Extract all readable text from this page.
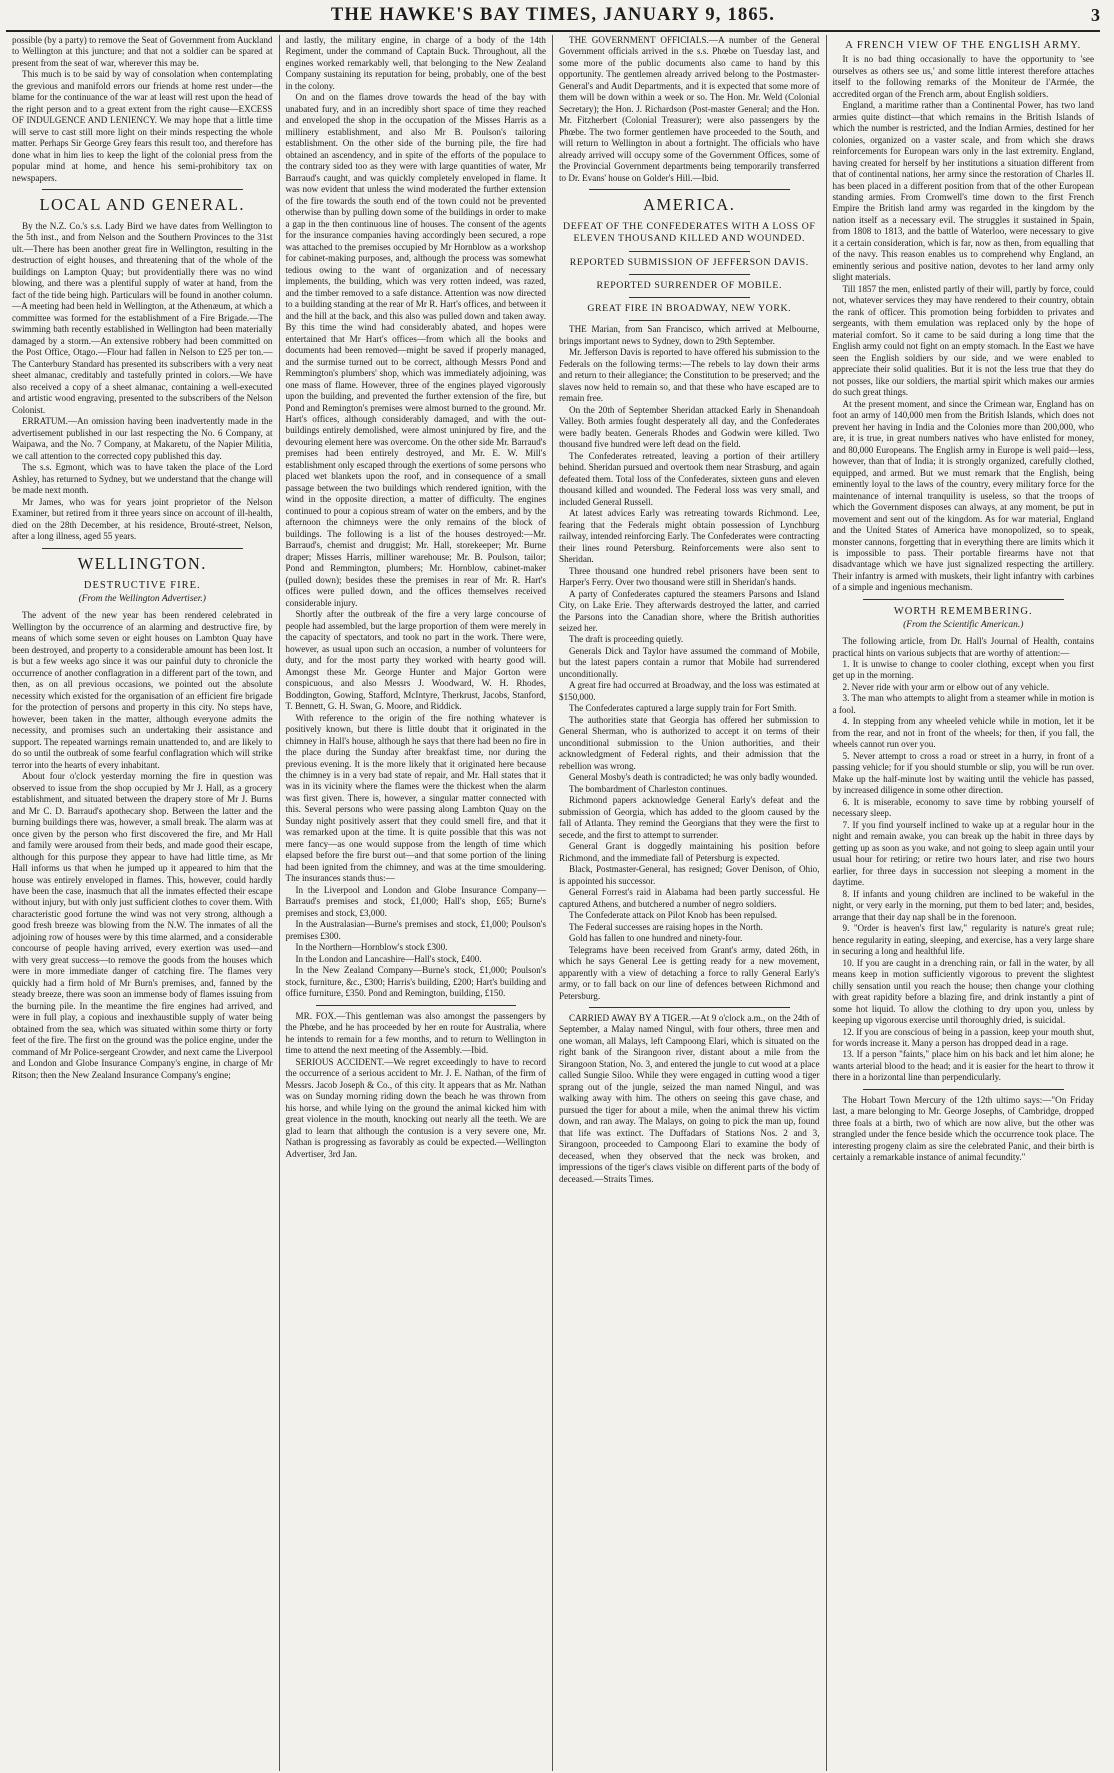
THE HAWKE'S BAY TIMES, JANUARY 9, 1865.	3

possible (by a party) to remove the Seat of Government from Auckland to Wellington at this juncture; and that not a soldier can be spared at present from the seat of war, wherever this may be.

This much is to be said by way of consolation when contemplating the grevious and manifold errors our friends at home rest under—the blame for the continuance of the war at least will rest upon the head of the right person and to a great extent from the right cause—EXCESS OF INDULGENCE AND LENIENCY. We may hope that a little time will serve to cast still more light on their minds respecting the whole matter. Perhaps Sir George Grey fears this result too, and therefore has done what in him lies to keep the light of the colonial press from the popular mind at home, and hence his semi-prohibitory tax on newspapers.

LOCAL AND GENERAL.

By the N.Z. Co.'s s.s. Lady Bird we have dates from Wellington to the 5th inst., and from Nelson and the Southern Provinces to the 31st ult.—There has been another great fire in Wellington, resulting in the destruction of eight houses, and threatening that of the whole of the buildings on Lampton Quay; but providentially there was no wind blowing, and there was a plentiful supply of water at hand, from the fact of the tide being high. Particulars will be found in another column.—A meeting had been held in Wellington, at the Athenæum, at which a committee was formed for the establishment of a Fire Brigade.—The swimming bath recently established in Wellington had been materially damaged by a storm.—An extensive robbery had been committed on the Post Office, Otago.—Flour had fallen in Nelson to £25 per ton.—The Canterbury Standard has presented its subscribers with a very neat sheet almanac, creditably and tastefully printed in colors.—We have also received a copy of a sheet almanac, containing a well-executed and artistic wood engraving, presented to the subscribers of the Nelson Colonist.

ERRATUM.—An omission having been inadvertently made in the advertisement published in our last respecting the No. 6 Company, at Waipawa, and the No. 7 Company, at Makaretu, of the Napier Militia, we call attention to the corrected copy published this day.

The s.s. Egmont, which was to have taken the place of the Lord Ashley, has returned to Sydney, but we understand that the change will be made next month.

Mr James, who was for years joint proprietor of the Nelson Examiner, but retired from it three years since on account of ill-health, died on the 28th December, at his residence, Brouté-street, Nelson, after a long illness, aged 55 years.

WELLINGTON.
DESTRUCTIVE FIRE.
(From the Wellington Advertiser.)

The advent of the new year has been rendered celebrated in Wellington by the occurrence of an alarming and destructive fire, by means of which some seven or eight houses on Lambton Quay have been destroyed, and property to a considerable amount has been lost. It is but a few weeks ago since it was our painful duty to chronicle the occurrence of another conflagration in a different part of the town, and then, as on all previous occasions, we pointed out the absolute necessity which existed for the organisation of an efficient fire brigade for the protection of persons and property in this city. No steps have, however, been taken in the matter, although everyone admits the necessity, and promises such an undertaking their assistance and support. The repeated warnings remain unattended to, and are likely to do so until the outbreak of some fearful conflagration which will strike terror into the hearts of every inhabitant.

About four o'clock yesterday morning the fire in question was observed to issue from the shop occupied by Mr J. Hall, as a grocery establishment, and situated between the drapery store of Mr J. Burns and Mr C. D. Barraud's apothecary shop. Between the latter and the burning buildings there was, however, a small break. The alarm was at once given by the person who first discovered the fire, and Mr Hall and family were aroused from their beds, and made good their escape, although for this purpose they appear to have had little time, as Mr Hall informs us that when he jumped up it appeared to him that the house was entirely enveloped in flames. This, however, could hardly have been the case, inasmuch that all the inmates effected their escape without injury, but with only just sufficient clothes to cover them. With characteristic good fortune the wind was not very strong, although a good fresh breeze was blowing from the N.W. The inmates of all the adjoining row of houses were by this time alarmed, and a considerable concourse of people having arrived, every exertion was used—and with very great success—to remove the goods from the houses which were in more immediate danger of catching fire. The flames very quickly had a firm hold of Mr Burn's premises, and, fanned by the steady breeze, there was soon an immense body of flames issuing from the burning pile. In the meantime the fire engines had arrived, and were in full play, a copious and inexhaustible supply of water being obtained from the sea, which was situated within some thirty or forty feet of the fire. The first on the ground was the police engine, under the command of Mr Police-sergeant Crowder, and next came the Liverpool and London and Globe Insurance Company's engine, in charge of Mr Ritson; then the New Zealand Insurance Company's engine;

and lastly, the military engine, in charge of a body of the 14th Regiment, under the command of Captain Buck. Throughout, all the engines worked remarkably well, that belonging to the New Zealand Company sustaining its reputation for being, probably, one of the best in the colony.

On and on the flames drove towards the head of the bay with unabated fury, and in an incredibly short space of time they reached and enveloped the shop in the occupation of the Misses Harris as a millinery establishment, and also Mr B. Poulson's tailoring establishment. On the other side of the burning pile, the fire had obtained an ascendency, and in spite of the efforts of the populace to the contrary sided too as they were with large quantities of water, Mr Barraud's caught, and was quickly completely enveloped in flame. It was now evident that unless the wind moderated the further extension of the fire towards the south end of the town could not be prevented otherwise than by pulling down some of the buildings in order to make a gap in the then continuous line of houses. The consent of the agents for the insurance companies having accordingly been secured, a rope was attached to the premises occupied by Mr Hornblow as a workshop for cabinet-making purposes, and, although the process was somewhat tedious owing to the want of organization and of necessary implements, the building, which was very rotten indeed, was razed, and the timber removed to a safe distance. Attention was now directed to a building standing at the rear of Mr R. Hart's offices, and between it and the hill at the back, and this also was pulled down and taken away. By this time the wind had considerably abated, and hopes were entertained that Mr Hart's offices—from which all the books and documents had been removed—might be saved if properly managed, and the surmise turned out to be correct, although Messrs Pond and Remmington's plumbers' shop, which was immediately adjoining, was one mass of flame. However, three of the engines played vigorously upon the building, and prevented the further extension of the fire, but Pond and Remington's premises were almost burned to the ground. Mr. Hart's offices, although considerably damaged, and with the out-buildings entirely demolished, were almost uninjured by fire, and the devouring element here was overcome. On the other side Mr. Barraud's premises had been entirely destroyed, and Mr. E. W. Mill's establishment only escaped through the exertions of some persons who placed wet blankets upon the roof, and in consequence of a small passage between the two buildings which rendered ignition, with the wind in the opposite direction, a matter of difficulty. The engines continued to pour a copious stream of water on the embers, and by the afternoon the chimneys were the only remains of the block of buildings. The following is a list of the houses destroyed:—Mr. Barraud's, chemist and druggist; Mr. Hall, storekeeper; Mr. Burne draper; Misses Harris, milliner warehouse; Mr. B. Poulson, tailor; Pond and Remmington, plumbers; Mr. Hornblow, cabinet-maker (pulled down); besides these the premises in rear of Mr. R. Hart's offices were pulled down, and the offices themselves received considerable injury.

Shortly after the outbreak of the fire a very large concourse of people had assembled, but the large proportion of them were merely in the capacity of spectators, and took no part in the work. There were, however, as usual upon such an occasion, a number of volunteers for duty, and for the most party they worked with hearty good will. Amongst these Mr. George Hunter and Major Gorton were conspicuous, and also Messrs J. Woodward, W. H. Rhodes, Boddington, Gowing, Stafford, McIntyre, Therkrust, Jacobs, Stanford, T. Bennett, G. H. Swan, G. Moore, and Riddick.

With reference to the origin of the fire nothing whatever is positively known, but there is little doubt that it originated in the chimney in Hall's house, although he says that there had been no fire in the place during the Sunday after breakfast time, nor during the previous evening. It is the more likely that it originated here because the chimney is in a very bad state of repair, and Mr. Hall states that it was in its vicinity where the flames were the thickest when the alarm was first given. There is, however, a singular matter connected with this. Several persons who were passing along Lambton Quay on the Sunday night positively assert that they could smell fire, and that it was remarked upon at the time. It is quite possible that this was not mere fancy—as one would suppose from the length of time which elapsed before the fire burst out—and that some portion of the lining had been ignited from the chimney, and was at the time smouldering. The insurances stands thus:—

In the Liverpool and London and Globe Insurance Company—Barraud's premises and stock, £1,000; Hall's shop, £65; Burne's premises and stock, £3,000.

In the Australasian—Burne's premises and stock, £1,000; Poulson's premises £300.

In the Northern—Hornblow's stock £300.

In the London and Lancashire—Hall's stock, £400.

In the New Zealand Company—Burne's stock, £1,000; Poulson's stock, furniture, &c., £300; Harris's building, £200; Hart's building and office furniture, £350. Pond and Remington, building, £150.

MR. FOX.—This gentleman was also amongst the passengers by the Phœbe, and he has proceeded by her en route for Australia, where he intends to remain for a few months, and to return to Wellington in time to attend the next meeting of the Assembly.—Ibid.

SERIOUS ACCIDENT.—We regret exceedingly to have to record the occurrence of a serious accident to Mr. J. E. Nathan, of the firm of Messrs. Jacob Joseph & Co., of this city. It appears that as Mr. Nathan was on Sunday morning riding down the beach he was thrown from his horse, and while lying on the ground the animal kicked him with great violence in the mouth, knocking out nearly all the teeth. We are glad to learn that although the contusion is a very severe one, Mr. Nathan is progressing as favorably as could be expected.—Wellington Advertiser, 3rd Jan.

THE GOVERNMENT OFFICIALS.—A number of the General Government officials arrived in the s.s. Phœbe on Tuesday last, and some more of the public documents also came to hand by this opportunity. The gentlemen already arrived belong to the Postmaster-General's and Audit Departments, and it is expected that some more of them will be down within a week or so. The Hon. Mr. Weld (Colonial Secretary); the Hon. J. Richardson (Post-master General; and the Hon. Mr. Fitzherbert (Colonial Treasurer); were also passengers by the Phœbe. The two former gentlemen have proceeded to the South, and will return to Wellington in about a fortnight. The officials who have already arrived will occupy some of the Government Offices, some of the Provincial Government departments being temporarily transferred to Dr. Evans' house on Golder's Hill.—Ibid.

AMERICA.
DEFEAT OF THE CONFEDERATES WITH A LOSS OF ELEVEN THOUSAND KILLED AND WOUNDED.
REPORTED SUBMISSION OF JEFFERSON DAVIS.
REPORTED SURRENDER OF MOBILE.
GREAT FIRE IN BROADWAY, NEW YORK.

THE Marian, from San Francisco, which arrived at Melbourne, brings important news to Sydney, down to 29th September.

Mr. Jefferson Davis is reported to have offered his submission to the Federals on the following terms:—The rebels to lay down their arms and return to their allegiance; the Constitution to be preserved; and the slaves now held to remain so, and that these who have escaped are to remain free.

On the 20th of September Sheridan attacked Early in Shenandoah Valley. Both armies fought desperately all day, and the Confederates were badly beaten. Generals Rhodes and Godwin were killed. Two thousand five hundred were left dead on the field.

The Confederates retreated, leaving a portion of their artillery behind. Sheridan pursued and overtook them near Strasburg, and again defeated them. Total loss of the Confederates, sixteen guns and eleven thousand killed and wounded. The Federal loss was very small, and included General Russell.

At latest advices Early was retreating towards Richmond. Lee, fearing that the Federals might obtain possession of Lynchburg railway, intended reinforcing Early. The Confederates were contracting their lines round Petersburg. Reinforcements were also sent to Sheridan.

Three thousand one hundred rebel prisoners have been sent to Harper's Ferry. Over two thousand were still in Sheridan's hands.

A party of Confederates captured the steamers Parsons and Island City, on Lake Erie. They afterwards destroyed the latter, and carried the Parsons into the Canadian shore, where the British authorities seized her.

The draft is proceeding quietly.

Generals Dick and Taylor have assumed the command of Mobile, but the latest papers contain a rumor that Mobile had surrendered unconditionally.

A great fire had occurred at Broadway, and the loss was estimated at $150,000.

The Confederates captured a large supply train for Fort Smith.

The authorities state that Georgia has offered her submission to General Sherman, who is authorized to accept it on terms of their unconditional submission to the Union authorities, and their acknowledgment of Federal rights, and their admission that the rebellion was wrong.

General Mosby's death is contradicted; he was only badly wounded.

The bombardment of Charleston continues.

Richmond papers acknowledge General Early's defeat and the submission of Georgia, which has added to the gloom caused by the fall of Atlanta. They remind the Georgians that they were the first to secede, and the first to attempt to surrender.

General Grant is doggedly maintaining his position before Richmond, and the immediate fall of Petersburg is expected.

Black, Postmaster-General, has resigned; Gover Denison, of Ohio, is appointed his successor.

General Forrest's raid in Alabama had been partly successful. He captured Athens, and butchered a number of negro soldiers.

The Confederate attack on Pilot Knob has been repulsed.

The Federal successes are raising hopes in the North.

Gold has fallen to one hundred and ninety-four.

Telegrams have been received from Grant's army, dated 26th, in which he says General Lee is getting ready for a new movement, apparently with a view of detaching a force to rally General Early's army, or to fall back on our line of defences between Richmond and Petersburg.

CARRIED AWAY BY A TIGER.—At 9 o'clock a.m., on the 24th of September, a Malay named Ningul, with four others, three men and one woman, all Malays, left Campoong Elari, which is situated on the right bank of the Sirangoon river, distant about a mile from the Sirangoon Station, No. 3, and entered the jungle to cut wood at a place called Sungie Siloo. While they were engaged in cutting wood a tiger sprang out of the jungle, seized the man named Ningul, and was walking away with him. The others on seeing this gave chase, and pursued the tiger for about a mile, when the animal threw his victim down, and ran away. The Malays, on going to pick the man up, found that life was extinct. The Duffadars of Stations Nos. 2 and 3, Sirangoon, proceeded to Campoong Elari to examine the body of deceased, when they observed that the neck was broken, and impressions of the tiger's claws visible on different parts of the body of deceased.—Straits Times.

A FRENCH VIEW OF THE ENGLISH ARMY.

It is no bad thing occasionally to have the opportunity to 'see ourselves as others see us,' and some little interest therefore attaches itself to the following remarks of the Moniteur de l'Armée, the accredited organ of the French arm, about English soldiers.

England, a maritime rather than a Continental Power, has two land armies quite distinct—that which remains in the British Islands of which the number is restricted, and the Indian Armies, destined for her colonies, organized on a vaster scale, and from which she draws reinforcements for European wars only in the last extremity. England, having created for herself by her institutions a situation different from that of continental nations, her army since the restoration of Charles II. has been placed in a different position from that of the other European standing armies. From Cromwell's time down to the first French Empire the British land army was regarded in the kingdom by the nation itself as a necessary evil. The struggles it sustained in Spain, from 1808 to 1813, and the battle of Waterloo, were necessary to give it a certain consideration, which is far, now as then, from equalling that of the navy. This reason enables us to comprehend why England, an eminently serious and positive nation, devotes to her land army only slight materials.

Till 1857 the men, enlisted partly of their will, partly by force, could not, whatever services they may have rendered to their country, obtain the rank of officer. This promotion being forbidden to privates and sergeants, with them emulation was replaced only by the hope of material comfort. So it came to be said during a long time that the English army could not fight on an empty stomach. In the East we have seen the English soldiers by our side, and we were enabled to appreciate their solid qualities. But it is not the less true that they do not posses, like our soldiers, the martial spirit which makes our armies do such great things.

At the present moment, and since the Crimean war, England has on foot an army of 140,000 men from the British Islands, which does not prevent her having in India and the Colonies more than 200,000, who are, it is true, in great numbers natives who have enlisted for money, and 80,000 Europeans. The English army in Europe is well paid—less, however, than that of India; it is strongly organized, carefully clothed, equipped, and armed. But we must remark that the English, being eminently loyal to the laws of the country, every military force for the maintenance of internal tranquility is useless, so that the troops of which the Government disposes can always, at any moment, be put in movement and sent out of the kingdom. As for war material, England and the United States of America have monopolized, so to speak, monster cannons, forgetting that in everything there are limits which it is impossible to pass. Their portable firearms have not that disadvantage which we have just signalized respecting the artillery. Their infantry is armed with muskets, their light infantry with carbines of a simple and ingenious mechanism.

WORTH REMEMBERING.
(From the Scientific American.)

The following article, from Dr. Hall's Journal of Health, contains practical hints on various subjects that are worthy of attention:—

1. It is unwise to change to cooler clothing, except when you first get up in the morning.

2. Never ride with your arm or elbow out of any vehicle.

3. The man who attempts to alight from a steamer while in motion is a fool.

4. In stepping from any wheeled vehicle while in motion, let it be from the rear, and not in front of the wheels; for then, if you fall, the wheels cannot run over you.

5. Never attempt to cross a road or street in a hurry, in front of a passing vehicle; for if you should stumble or slip, you will be run over. Make up the half-minute lost by waiting until the vehicle has passed, by increased diligence in some other direction.

6. It is miserable, economy to save time by robbing yourself of necessary sleep.

7. If you find yourself inclined to wake up at a regular hour in the night and remain awake, you can break up the habit in three days by getting up as soon as you wake, and not going to sleep again until your usual hour for retiring; or retire two hours later, and rise two hours earlier, for three days in succession not sleeping a moment in the daytime.

8. If infants and young children are inclined to be wakeful in the night, or very early in the morning, put them to bed later; and, besides, arrange that their day nap shall be in the forenoon.

9. "Order is heaven's first law," regularity is nature's great rule; hence regularity in eating, sleeping, and exercise, has a very large share in securing a long and healthful life.

10. If you are caught in a drenching rain, or fall in the water, by all means keep in motion sufficiently vigorous to prevent the slightest chilly sensation until you reach the house; then change your clothing with great rapidity before a blazing fire, and drink instantly a pint of some hot liquid. To allow the clothing to dry upon you, unless by keeping up vigorous exercise until thoroughly dried, is suicidal.

12. If you are conscious of being in a passion, keep your mouth shut, for words increase it. Many a person has dropped dead in a rage.

13. If a person "faints," place him on his back and let him alone; he wants arterial blood to the head; and it is easier for the heart to throw it there in a horizontal line than perpendicularly.

The Hobart Town Mercury of the 12th ultimo says:—"On Friday last, a mare belonging to Mr. George Josephs, of Cambridge, dropped three foals at a birth, two of which are now alive, but the other was strangled under the fence beside which the occurrence took place. The interesting progeny claim as sire the celebrated Panic, and their birth is certainly a remarkable instance of animal fecundity."
